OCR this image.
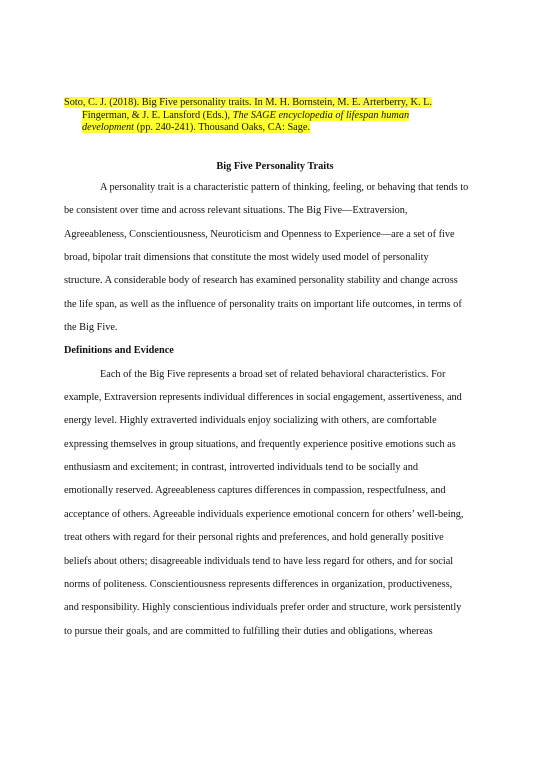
Soto, C. J. (2018). Big Five personality traits. In M. H. Bornstein, M. E. Arterberry, K. L.
Fingerman, & J. E. Lansford (Eds.), The SAGE encyclopedia of lifespan human
development (pp. 240-241). Thousand Oaks, CA: Sage.
Big Five Personality Traits
A personality trait is a characteristic pattern of thinking, feeling, or behaving that tends to
be consistent over time and across relevant situations. The Big Five—Extraversion,
Agreeableness, Conscientiousness, Neuroticism and Openness to Experience—are a set of five
broad, bipolar trait dimensions that constitute the most widely used model of personality
structure. A considerable body of research has examined personality stability and change across
the life span, as well as the influence of personality traits on important life outcomes, in terms of
the Big Five.
Definitions and Evidence
Each of the Big Five represents a broad set of related behavioral characteristics. For
example, Extraversion represents individual differences in social engagement, assertiveness, and
energy level. Highly extraverted individuals enjoy socializing with others, are comfortable
expressing themselves in group situations, and frequently experience positive emotions such as
enthusiasm and excitement; in contrast, introverted individuals tend to be socially and
emotionally reserved. Agreeableness captures differences in compassion, respectfulness, and
acceptance of others. Agreeable individuals experience emotional concern for others’ well-being,
treat others with regard for their personal rights and preferences, and hold generally positive
beliefs about others; disagreeable individuals tend to have less regard for others, and for social
norms of politeness. Conscientiousness represents differences in organization, productiveness,
and responsibility. Highly conscientious individuals prefer order and structure, work persistently
to pursue their goals, and are committed to fulfilling their duties and obligations, whereas
